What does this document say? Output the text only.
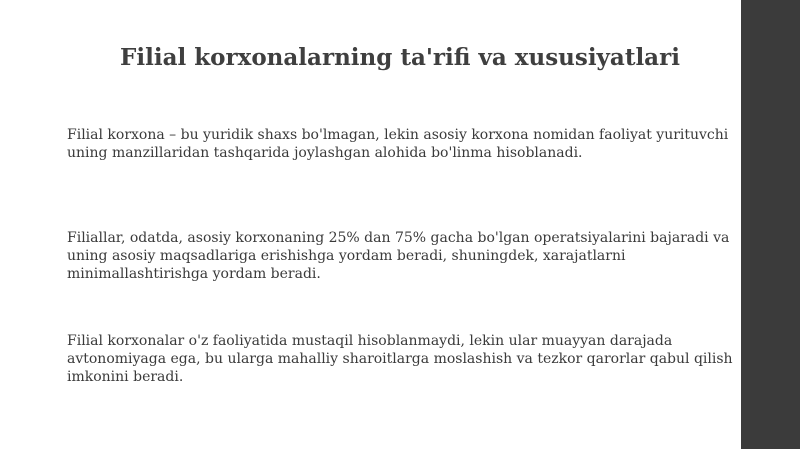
Filial korxonalarning ta'rifi va xususiyatlari
Filial korxona – bu yuridik shaxs bo'lmagan, lekin asosiy korxona nomidan faoliyat yurituvchi
uning manzillaridan tashqarida joylashgan alohida bo'linma hisoblanadi.
Filiallar, odatda, asosiy korxonaning 25% dan 75% gacha bo'lgan operatsiyalarini bajaradi va
uning asosiy maqsadlariga erishishga yordam beradi, shuningdek, xarajatlarni
minimallashtirishga yordam beradi.
Filial korxonalar o'z faoliyatida mustaqil hisoblanmaydi, lekin ular muayyan darajada
avtonomiyaga ega, bu ularga mahalliy sharoitlarga moslashish va tezkor qarorlar qabul qilish
imkonini beradi.
